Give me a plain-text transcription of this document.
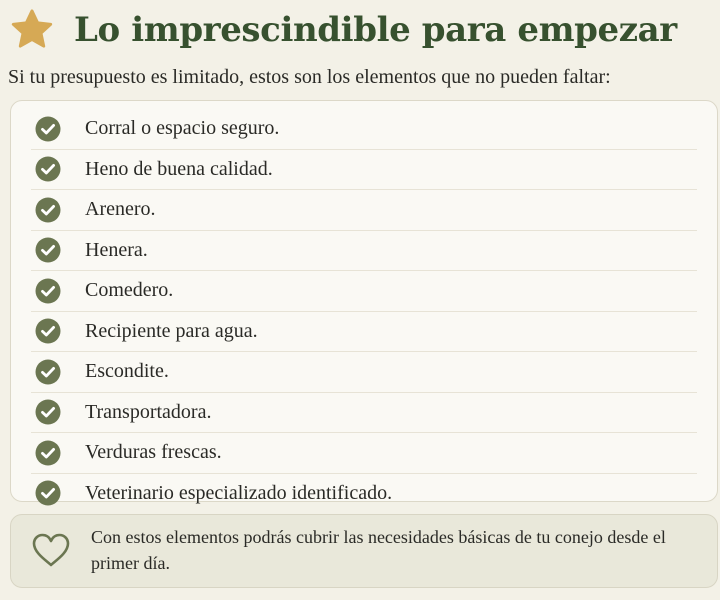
Lo imprescindible para empezar
Si tu presupuesto es limitado, estos son los elementos que no pueden faltar:
Corral o espacio seguro.
Heno de buena calidad.
Arenero.
Henera.
Comedero.
Recipiente para agua.
Escondite.
Transportadora.
Verduras frescas.
Veterinario especializado identificado.
Con estos elementos podrás cubrir las necesidades básicas de tu conejo desde el primer día.
